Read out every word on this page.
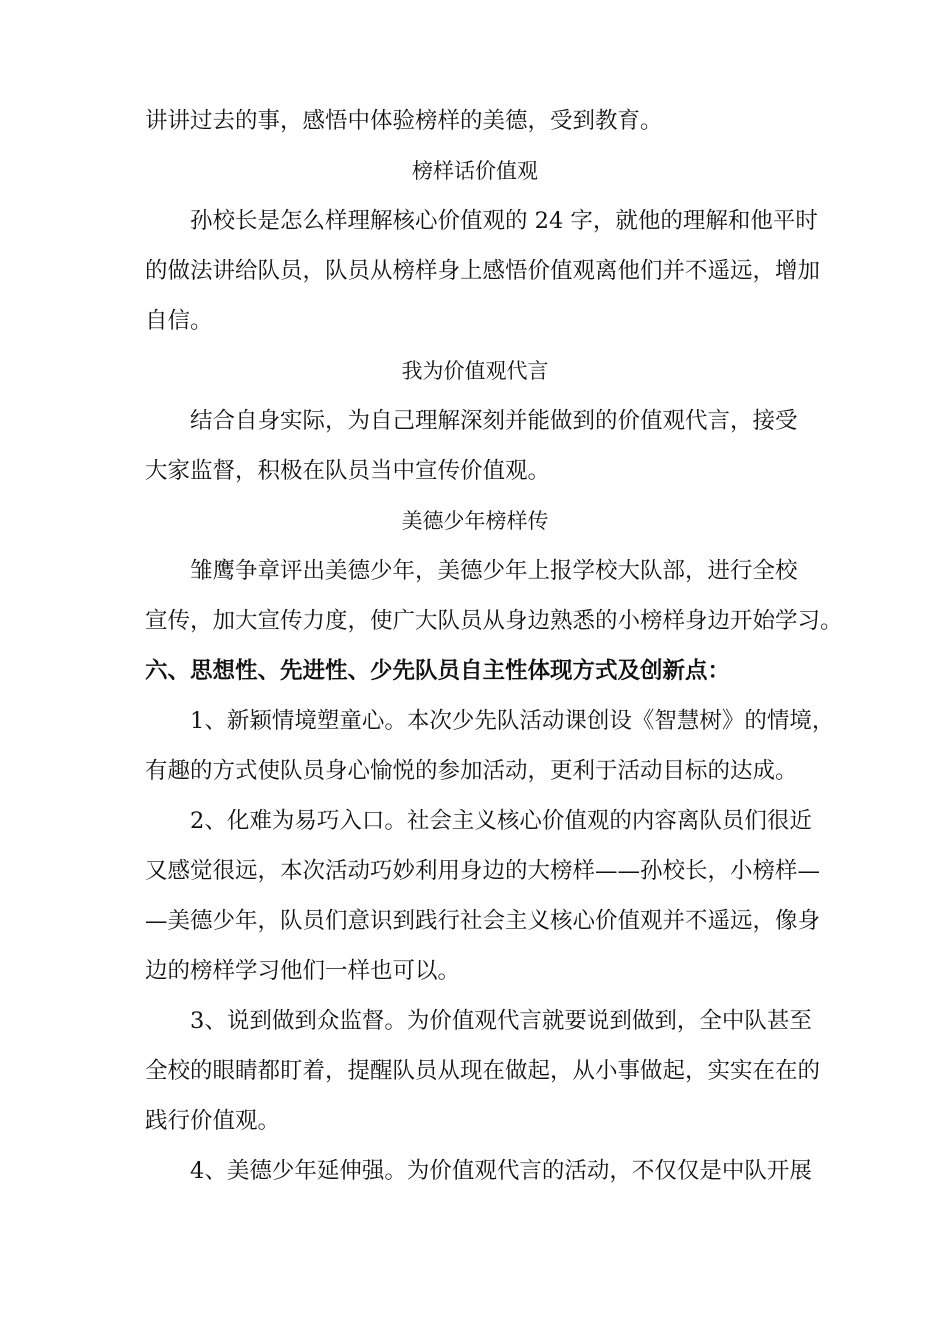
讲讲过去的事，感悟中体验榜样的美德，受到教育。
榜样话价值观
孙校长是怎么样理解核心价值观的 24 字，就他的理解和他平时
的做法讲给队员，队员从榜样身上感悟价值观离他们并不遥远，增加
自信。
我为价值观代言
结合自身实际，为自己理解深刻并能做到的价值观代言，接受
大家监督，积极在队员当中宣传价值观。
美德少年榜样传
雏鹰争章评出美德少年，美德少年上报学校大队部，进行全校
宣传，加大宣传力度，使广大队员从身边熟悉的小榜样身边开始学习。
六、思想性、先进性、少先队员自主性体现方式及创新点：
1、新颖情境塑童心。本次少先队活动课创设《智慧树》的情境，
有趣的方式使队员身心愉悦的参加活动，更利于活动目标的达成。
2、化难为易巧入口。社会主义核心价值观的内容离队员们很近
又感觉很远，本次活动巧妙利用身边的大榜样——孙校长，小榜样—
—美德少年，队员们意识到践行社会主义核心价值观并不遥远，像身
边的榜样学习他们一样也可以。
3、说到做到众监督。为价值观代言就要说到做到，全中队甚至
全校的眼睛都盯着，提醒队员从现在做起，从小事做起，实实在在的
践行价值观。
4、美德少年延伸强。为价值观代言的活动，不仅仅是中队开展
